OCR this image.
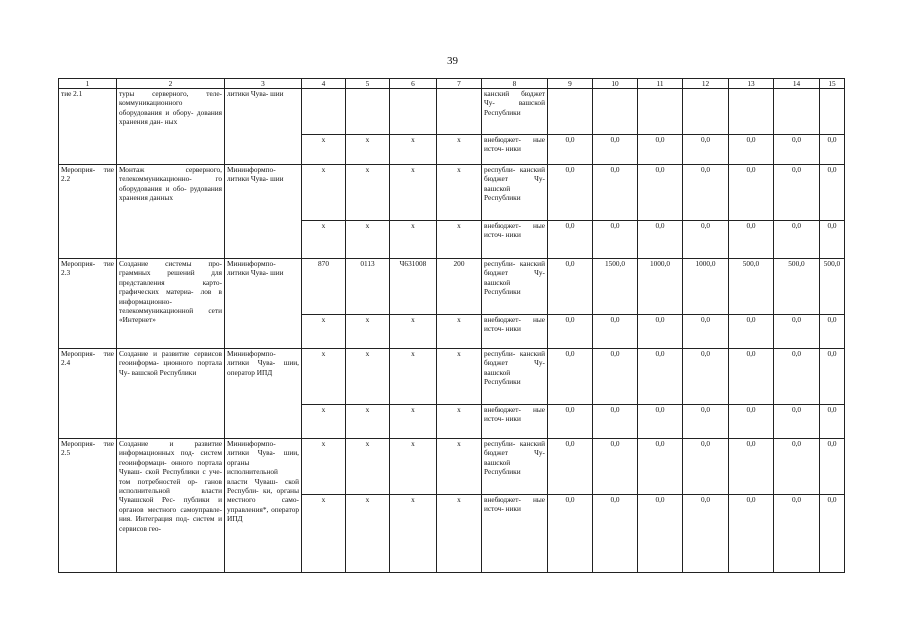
39
1	2	3	4	5	6	7	8	9	10	11	12	13	14	15
тие 2.1	туры серверного, теле- коммуникационного оборудования и обору- дования хранения дан- ных	литики Чува- шии					канский бюджет Чу- вашской Республики							
			x	x	x	x	внебюджет- ные источ- ники	0,0	0,0	0,0	0,0	0,0	0,0	0,0
Мероприя- тие 2.2	Монтаж серверного, телекоммуникационно- го оборудования и обо- рудования хранения данных	Мининформпо- литики Чува- шии	x	x	x	x	республи- канский бюджет Чу- вашской Республики	0,0	0,0	0,0	0,0	0,0	0,0	0,0
			x	x	x	x	внебюджет- ные источ- ники	0,0	0,0	0,0	0,0	0,0	0,0	0,0
Мероприя- тие 2.3	Создание системы про- граммных решений для представления карто- графических материа- лов в информационно- телекоммуникационной сети «Интернет»	Мининформпо- литики Чува- шии	870	0113	Ч631008	200	республи- канский бюджет Чу- вашской Республики	0,0	1500,0	1000,0	1000,0	500,0	500,0	500,0
			x	x	x	x	внебюджет- ные источ- ники	0,0	0,0	0,0	0,0	0,0	0,0	0,0
Мероприя- тие 2.4	Создание и развитие сервисов геоинформа- ционного портала Чу- вашской Республики	Мининформпо- литики Чува- шии, оператор ИПД	x	x	x	x	республи- канский бюджет Чу- вашской Республики	0,0	0,0	0,0	0,0	0,0	0,0	0,0
			x	x	x	x	внебюджет- ные источ- ники	0,0	0,0	0,0	0,0	0,0	0,0	0,0
Мероприя- тие 2.5	Создание и развитие информационных под- систем геоинформаци- онного портала Чуваш- ской Республики с уче- том потребностей ор- ганов исполнительной власти Чувашской Рес- публики и органов местного самоуправле- ния. Интеграция под- систем и сервисов гео-	Мининформпо- литики Чува- шии, органы исполнительной власти Чуваш- ской Республи- ки, органы местного само- управления*, оператор ИПД	x	x	x	x	республи- канский бюджет Чу- вашской Республики	0,0	0,0	0,0	0,0	0,0	0,0	0,0
			x	x	x	x	внебюджет- ные источ- ники	0,0	0,0	0,0	0,0	0,0	0,0	0,0
